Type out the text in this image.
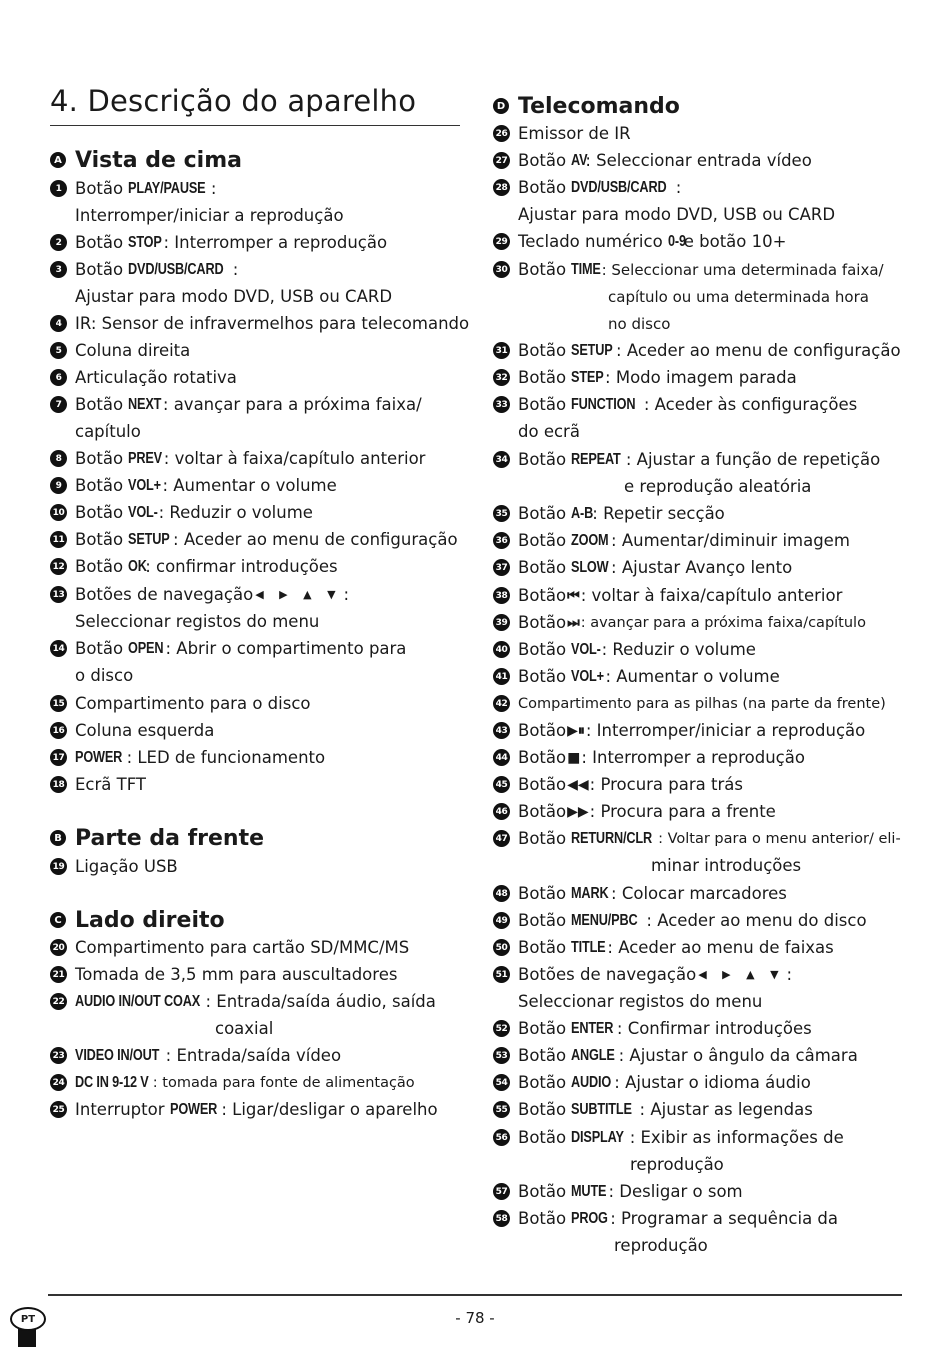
4. Descrição do aparelho
A Vista de cima
1 Botão
PLAY/PAUSE :
Interromper/iniciar a reprodução
2 Botão
STOP : Interromper a reprodução
3 Botão
DVD/USB/CARD :
Ajustar para modo DVD, USB ou CARD
4 IR: Sensor de infravermelhos para telecomando
5 Coluna direita
6 Articulação rotativa
7 Botão
NEXT : avançar para a próxima faixa/
capítulo
8 Botão
PREV : voltar à faixa/capítulo anterior
9 Botão
VOL+ : Aumentar o volume
10 Botão
VOL- : Reduzir o volume
11 Botão
SETUP : Aceder ao menu de configuração
12 Botão
OK
: confirmar introduções
13 Botões de navegação ◀ ▶ ▲ ▼ :
Seleccionar registos do menu
14 Botão
OPEN : Abrir o compartimento para
o disco
15 Compartimento para o disco
16 Coluna esquerda
17 POWER : LED de funcionamento
18 Ecrã TFT
B Parte da frente
19 Ligação USB
C Lado direito
20 Compartimento para cartão SD/MMC/MS
21 Tomada de 3,5 mm para auscultadores
22 AUDIO IN/OUT COAX : Entrada/saída áudio, saída
coaxial
23 VIDEO IN/OUT : Entrada/saída vídeo
24 DC IN 9-12 V : tomada para fonte de alimentação
25 Interruptor
POWER : Ligar/desligar o aparelho
D Telecomando
26 Emissor de IR
27 Botão
AV
: Seleccionar entrada vídeo
28 Botão
DVD/USB/CARD :
Ajustar para modo DVD, USB ou CARD
29 Teclado numérico
0-9
e botão 10+
30 Botão
TIME : Seleccionar uma determinada faixa/
capítulo ou uma determinada hora
no disco
31 Botão
SETUP : Aceder ao menu de configuração
32 Botão
STEP : Modo imagem parada
33 Botão
FUNCTION : Aceder às configurações
do ecrã
34 Botão
REPEAT : Ajustar a função de repetição
e reprodução aleatória
35 Botão
A-B
: Repetir secção
36 Botão
ZOOM : Aumentar/diminuir imagem
37 Botão
SLOW : Ajustar Avanço lento
38 Botão ⏮ : voltar à faixa/capítulo anterior
39 Botão ⏭ : avançar para a próxima faixa/capítulo
40 Botão
VOL- : Reduzir o volume
41 Botão
VOL+ : Aumentar o volume
42 Compartimento para as pilhas (na parte da frente)
43 Botão ▶⏸ : Interromper/iniciar a reprodução
44 Botão ■ : Interromper a reprodução
45 Botão ◀◀ : Procura para trás
46 Botão ▶▶ : Procura para a frente
47 Botão
RETURN/CLR : Voltar para o menu anterior/ eli-
minar introduções
48 Botão
MARK : Colocar marcadores
49 Botão
MENU/PBC : Aceder ao menu do disco
50 Botão
TITLE : Aceder ao menu de faixas
51 Botões de navegação ◀ ▶ ▲ ▼ :
Seleccionar registos do menu
52 Botão
ENTER : Confirmar introduções
53 Botão
ANGLE : Ajustar o ângulo da câmara
54 Botão
AUDIO : Ajustar o idioma áudio
55 Botão
SUBTITLE : Ajustar as legendas
56 Botão
DISPLAY : Exibir as informações de
reprodução
57 Botão
MUTE : Desligar o som
58 Botão
PROG : Programar a sequência da
reprodução
PT	- 78 -
